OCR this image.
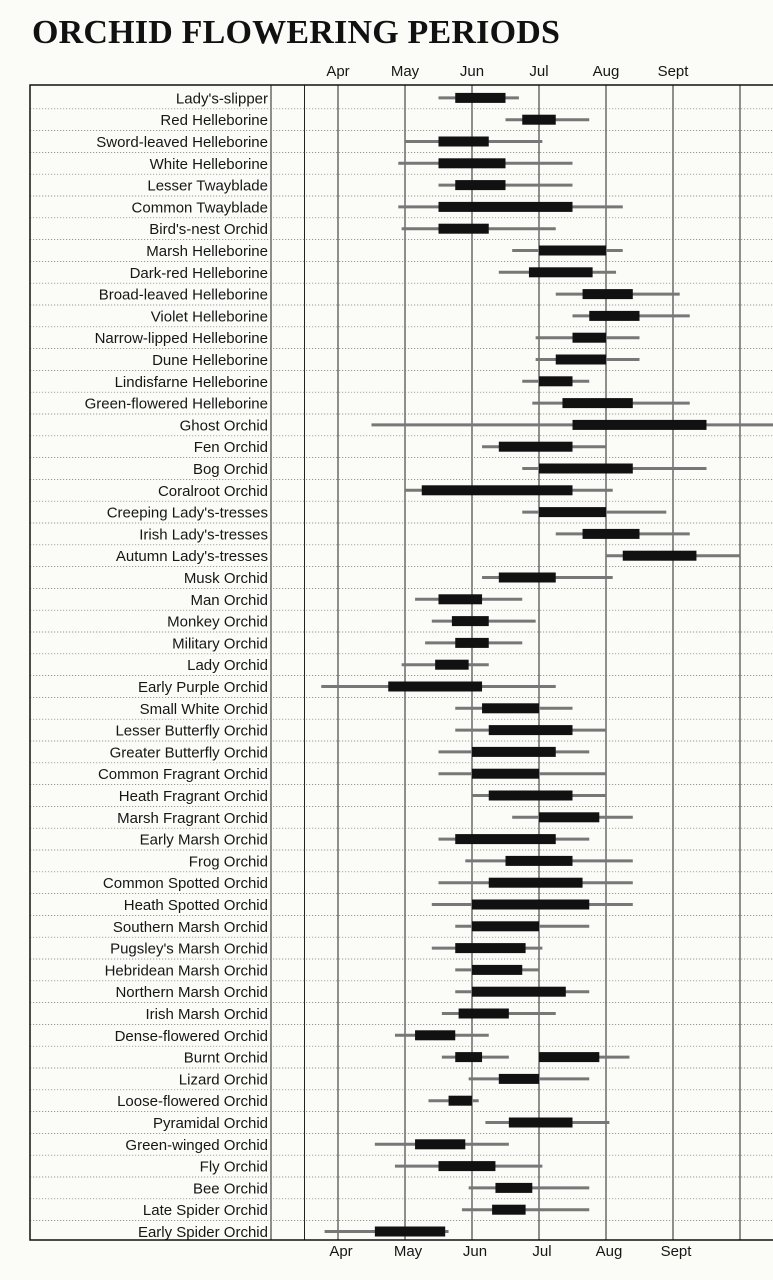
ORCHID FLOWERING PERIODS
Lady's-slipper
Red Helleborine
Sword-leaved Helleborine
White Helleborine
Lesser Twayblade
Common Twayblade
Bird's-nest Orchid
Marsh Helleborine
Dark-red Helleborine
Broad-leaved Helleborine
Violet Helleborine
Narrow-lipped Helleborine
Dune Helleborine
Lindisfarne Helleborine
Green-flowered Helleborine
Ghost Orchid
Fen Orchid
Bog Orchid
Coralroot Orchid
Creeping Lady's-tresses
Irish Lady's-tresses
Autumn Lady's-tresses
Musk Orchid
Man Orchid
Monkey Orchid
Military Orchid
Lady Orchid
Early Purple Orchid
Small White Orchid
Lesser Butterfly Orchid
Greater Butterfly Orchid
Common Fragrant Orchid
Heath Fragrant Orchid
Marsh Fragrant Orchid
Early Marsh Orchid
Frog Orchid
Common Spotted Orchid
Heath Spotted Orchid
Southern Marsh Orchid
Pugsley's Marsh Orchid
Hebridean Marsh Orchid
Northern Marsh Orchid
Irish Marsh Orchid
Dense-flowered Orchid
Burnt Orchid
Lizard Orchid
Loose-flowered Orchid
Pyramidal Orchid
Green-winged Orchid
Fly Orchid
Bee Orchid
Late Spider Orchid
Early Spider Orchid
Apr
Apr
May
May
Jun
Jun
Jul
Jul
Aug
Aug
Sept
Sept
